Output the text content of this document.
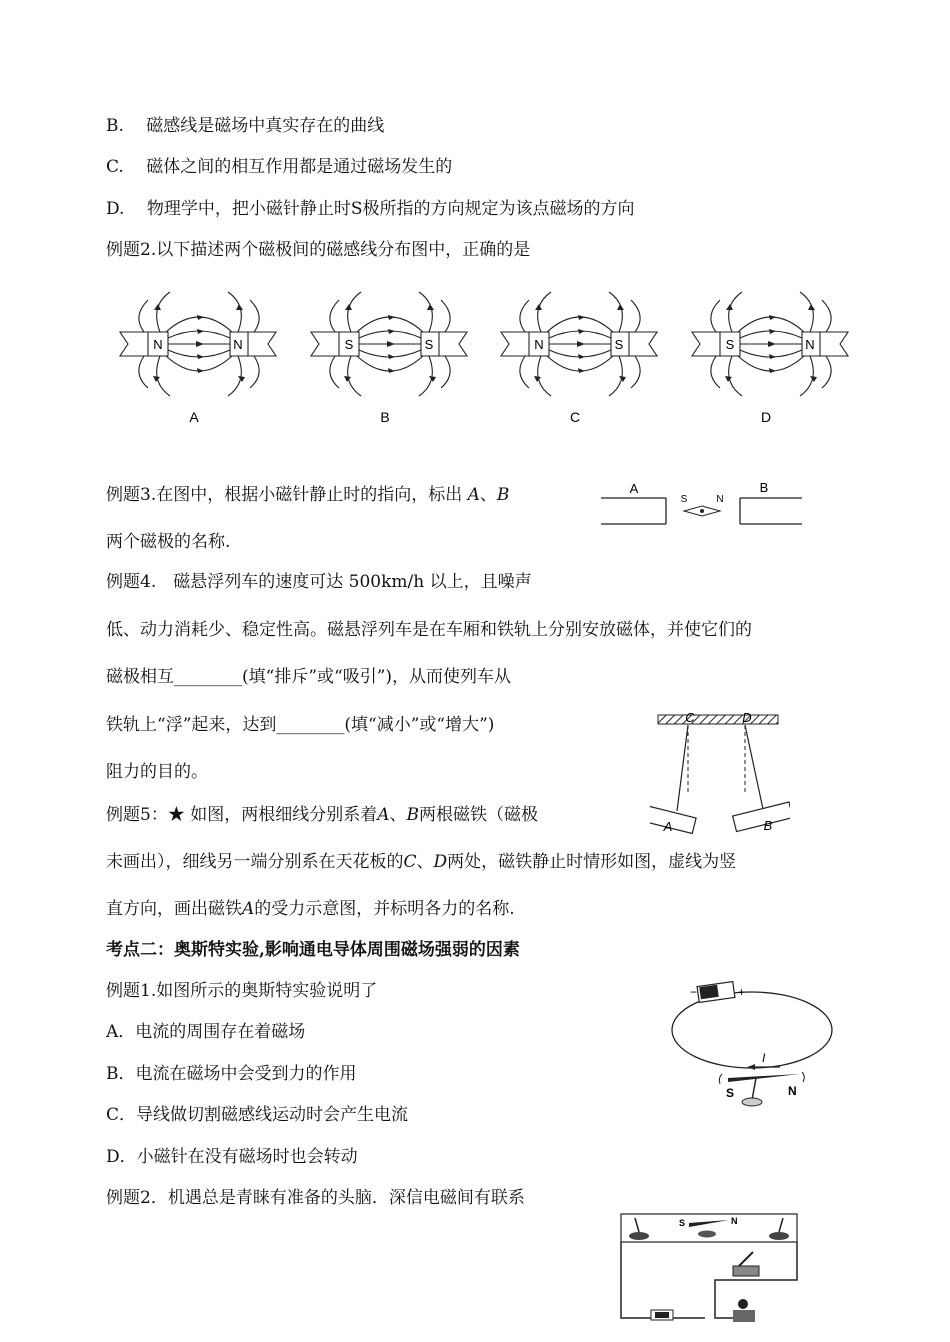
B.　 磁感线是磁场中真实存在的曲线
C.　 磁体之间的相互作用都是通过磁场发生的
D.　 物理学中，把小磁针静止时S极所指的方向规定为该点磁场的方向
例题2.以下描述两个磁极间的磁感线分布图中，正确的是
N	N
A
S	S
B
N	S
C
S	N
D
例题3.在图中，根据小磁针静止时的指向，标出 A、B
两个磁极的名称.
A
S	N
B
例题4.　磁悬浮列车的速度可达 500km/h 以上，且噪声
低、动力消耗少、稳定性高。磁悬浮列车是在车厢和铁轨上分别安放磁体，并使它们的
磁极相互________(填“排斥”或“吸引”)，从而使列车从
铁轨上“浮”起来，达到________(填“减小”或“增大”)
阻力的目的。
例题5：★ 如图，两根细线分别系着A、B两根磁铁（磁极
未画出），细线另一端分别系在天花板的C、D两处，磁铁静止时情形如图，虚线为竖
直方向，画出磁铁A的受力示意图，并标明各力的名称.
C	D
A	B
考点二：奥斯特实验,影响通电导体周围磁场强弱的因素
例题1.如图所示的奥斯特实验说明了
A．电流的周围存在着磁场
B．电流在磁场中会受到力的作用
C．导线做切割磁感线运动时会产生电流
D．小磁针在没有磁场时也会转动
例题2．机遇总是青睐有准备的头脑．深信电磁间有联系
−	+
I
S	N
S	N
